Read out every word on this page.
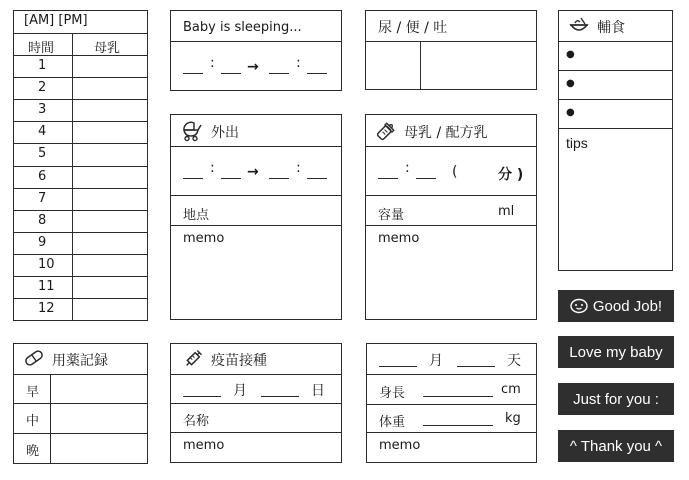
[AM] [PM]
時間	母乳
1
2
3
4
5
6
7
8
9
10
11
12
Baby is sleeping...
: →	:
尿 / 便 / 吐	輔食
●
●
●
tips
外出
: →	:
地点
memo
母乳 / 配方乳
:	(	分 )
容量	ml
memo
用薬記録
早
中
晩
疫苗接種
月	日
名称
memo
月	天
身長	cm
体重	kg
memo
Good Job!
Love my baby
Just for you :
^ Thank you ^
